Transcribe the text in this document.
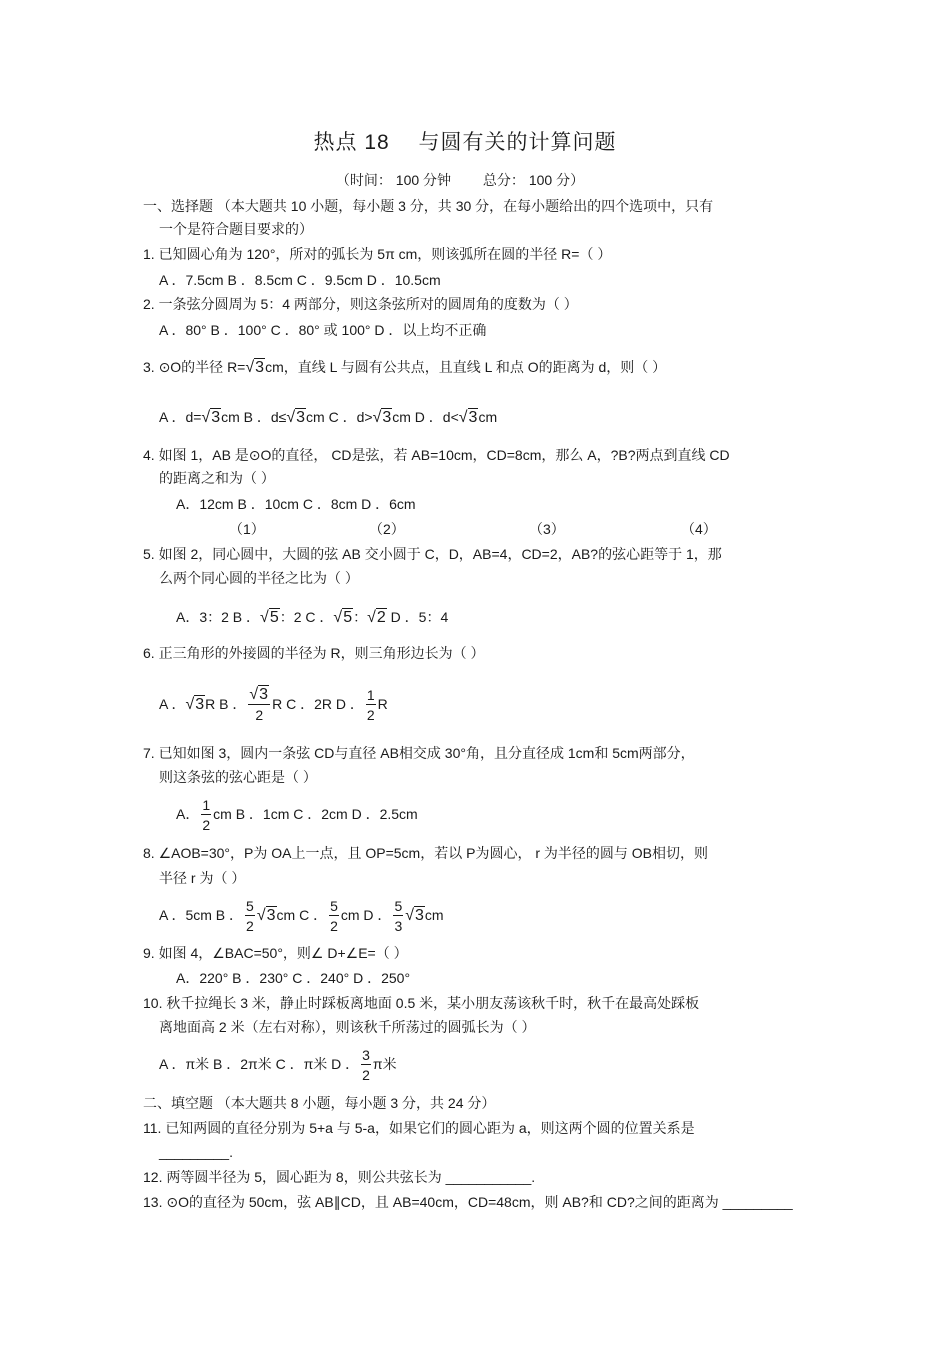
热点 18　 与圆有关的计算问题
（时间： 100 分钟　　 总分： 100 分）
一、选择题 （本大题共 10 小题，每小题 3 分，共 30 分，在每小题给出的四个选项中，只有
一个是符合题目要求的）
1. 已知圆心角为 120°，所对的弧长为 5π cm，则该弧所在圆的半径 R=（ ）
A ．7.5cm B ．8.5cm C ．9.5cm D ．10.5cm
2. 一条弦分圆周为 5：4 两部分，则这条弦所对的圆周角的度数为（ ）
A ．80° B ．100° C ．80° 或 100° D ．以上均不正确
3. ⊙O的半径 R=√3cm，直线 L 与圆有公共点，且直线 L 和点 O的距离为 d，则（ ）
A ．d=√3cm B ．d≤√3cm C ．d>√3cm D ．d<√3cm
4. 如图 1，AB 是⊙O的直径， CD是弦，若 AB=10cm，CD=8cm，那么 A，?B?两点到直线 CD
的距离之和为（ ）
A．12cm B ．10cm C ．8cm D ．6cm
（1）	（2）	（3）	（4）
5. 如图 2，同心圆中，大圆的弦 AB 交小圆于 C，D，AB=4，CD=2，AB?的弦心距等于 1，那
么两个同心圆的半径之比为（ ）
A．3：2 B ．√5：2 C ．√5：√2 D ．5：4
6. 正三角形的外接圆的半径为 R，则三角形边长为（ ）
A ．√3R B ． $\frac{√3}{2}$ R C ．2R D ． $\frac{1}{2}$ R
7. 已知如图 3，圆内一条弦 CD与直径 AB相交成 30°角，且分直径成 1cm和 5cm两部分，
则这条弦的弦心距是（ ）
A． $\frac{1}{2}$ cm B ．1cm C ．2cm D ．2.5cm
8. ∠AOB=30°，P为 OA上一点，且 OP=5cm，若以 P为圆心， r 为半径的圆与 OB相切，则
半径 r 为（ ）
A ．5cm B ． $\frac{5}{2} √3cm$ C ． $\frac{5}{2}$ cm D ． $\frac{5}{3} √3cm$
9. 如图 4，∠BAC=50°，则∠ D+∠E=（ ）
A．220° B ．230° C ．240° D ．250°
10. 秋千拉绳长 3 米，静止时踩板离地面 0.5 米，某小朋友荡该秋千时，秋千在最高处踩板
离地面高 2 米（左右对称），则该秋千所荡过的圆弧长为（ ）
A ．π米 B ．2π米 C ．π米 D ． $\frac{3}{2}$ π米
二、填空题 （本大题共 8 小题，每小题 3 分，共 24 分）
11. 已知两圆的直径分别为 5+a 与 5-a，如果它们的圆心距为 a，则这两个圆的位置关系是
_________.
12. 两等圆半径为 5，圆心距为 8，则公共弦长为 ___________.
13. ⊙O的直径为 50cm，弦 AB∥CD，且 AB=40cm，CD=48cm，则 AB?和 CD?之间的距离为 _________
